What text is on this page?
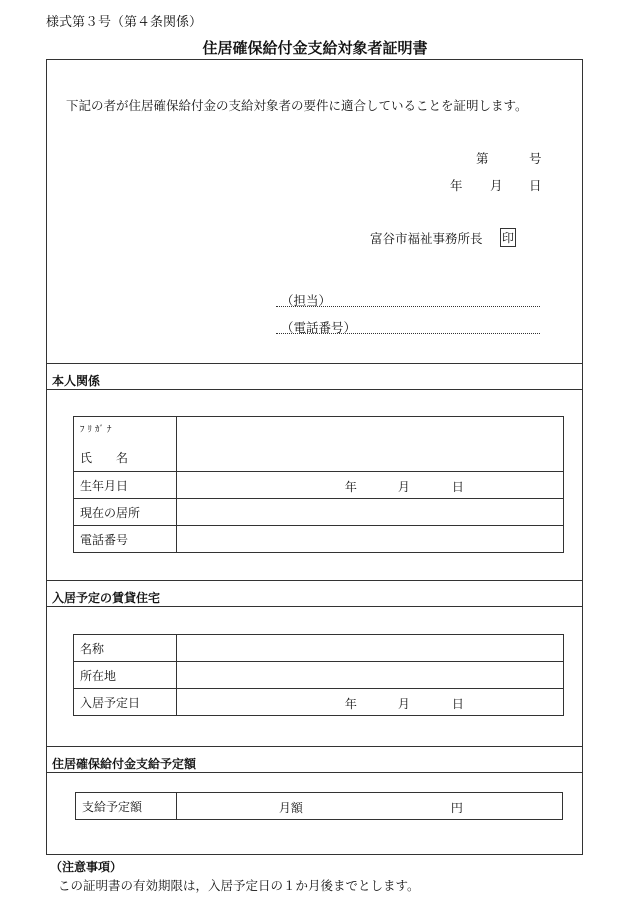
様式第３号（第４条関係）
住居確保給付金支給対象者証明書
下記の者が住居確保給付金の支給対象者の要件に適合していることを証明します。
第	号
年 月 日
富谷市福祉事務所長 印
（担当）
（電話番号）
本人関係
ﾌﾘｶﾞﾅ
氏　　名	

生年月日	年 月 日

現在の居所	
電話番号	
入居予定の賃貸住宅
名称	
所在地	
入居予定日	年 月 日
住居確保給付金支給予定額
支給予定額	月額	円
（注意事項）
この証明書の有効期限は，入居予定日の１か月後までとします。
